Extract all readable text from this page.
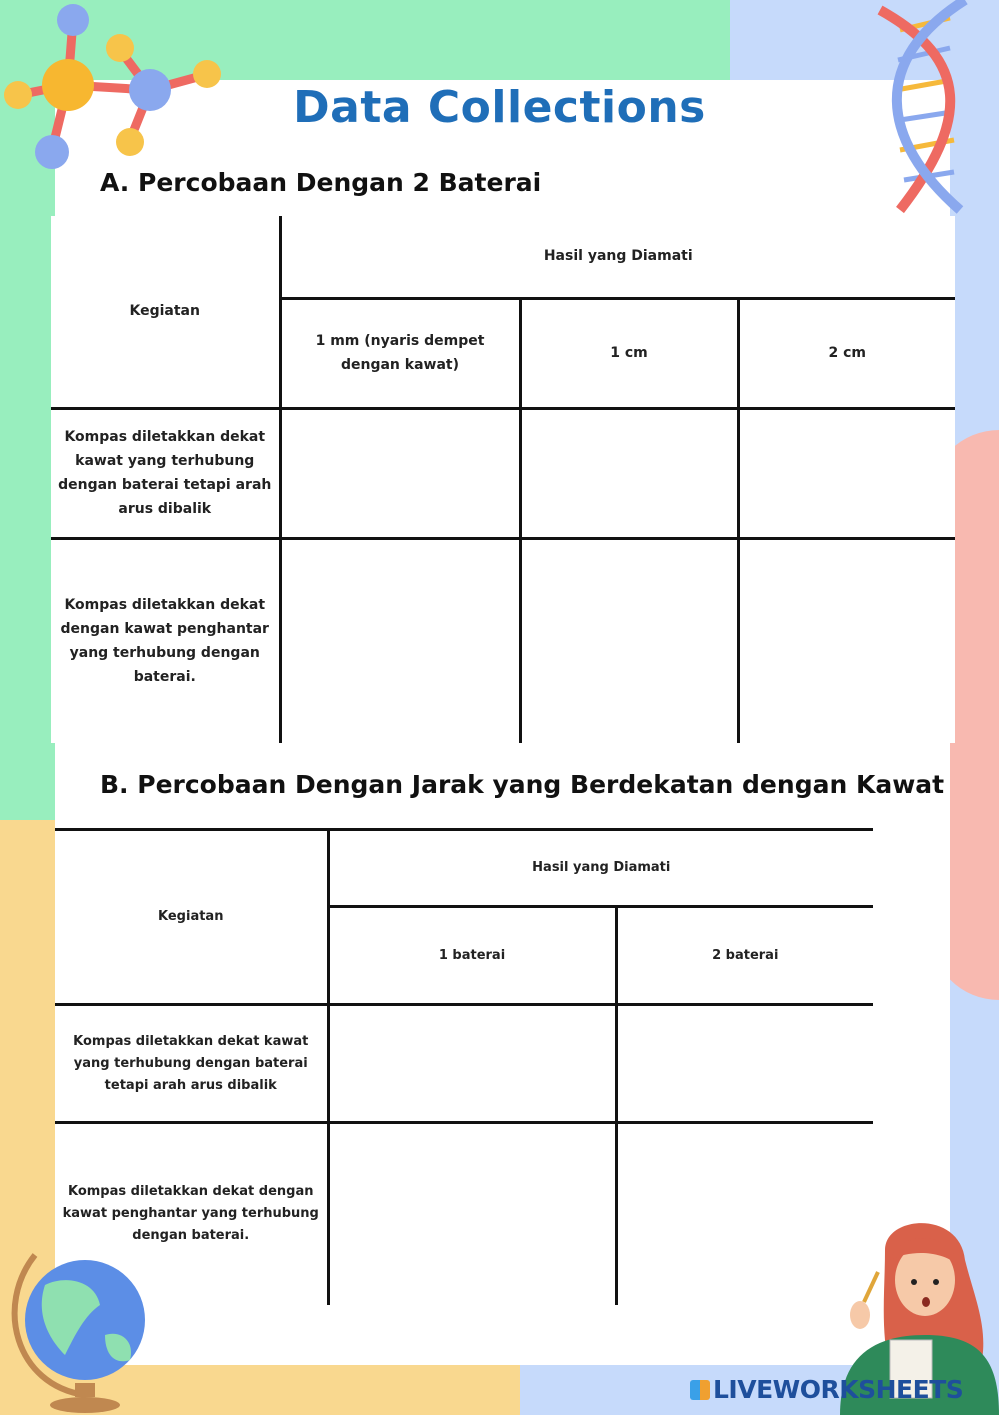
Data Collections
A. Percobaan Dengan 2 Baterai
Kegiatan	Hasil yang Diamati		
	1 mm (nyaris dempet dengan kawat)	1 cm	2 cm
Kompas diletakkan dekat kawat yang terhubung dengan baterai tetapi arah arus dibalik			
Kompas diletakkan dekat dengan kawat penghantar yang terhubung dengan baterai.			
B. Percobaan Dengan Jarak yang Berdekatan dengan Kawat
Kegiatan	Hasil yang Diamati	
	1 baterai	2 baterai
Kompas diletakkan dekat kawat yang terhubung dengan baterai tetapi arah arus dibalik		
Kompas diletakkan dekat dengan kawat penghantar yang terhubung dengan baterai.		
LIVEWORKSHEETS
